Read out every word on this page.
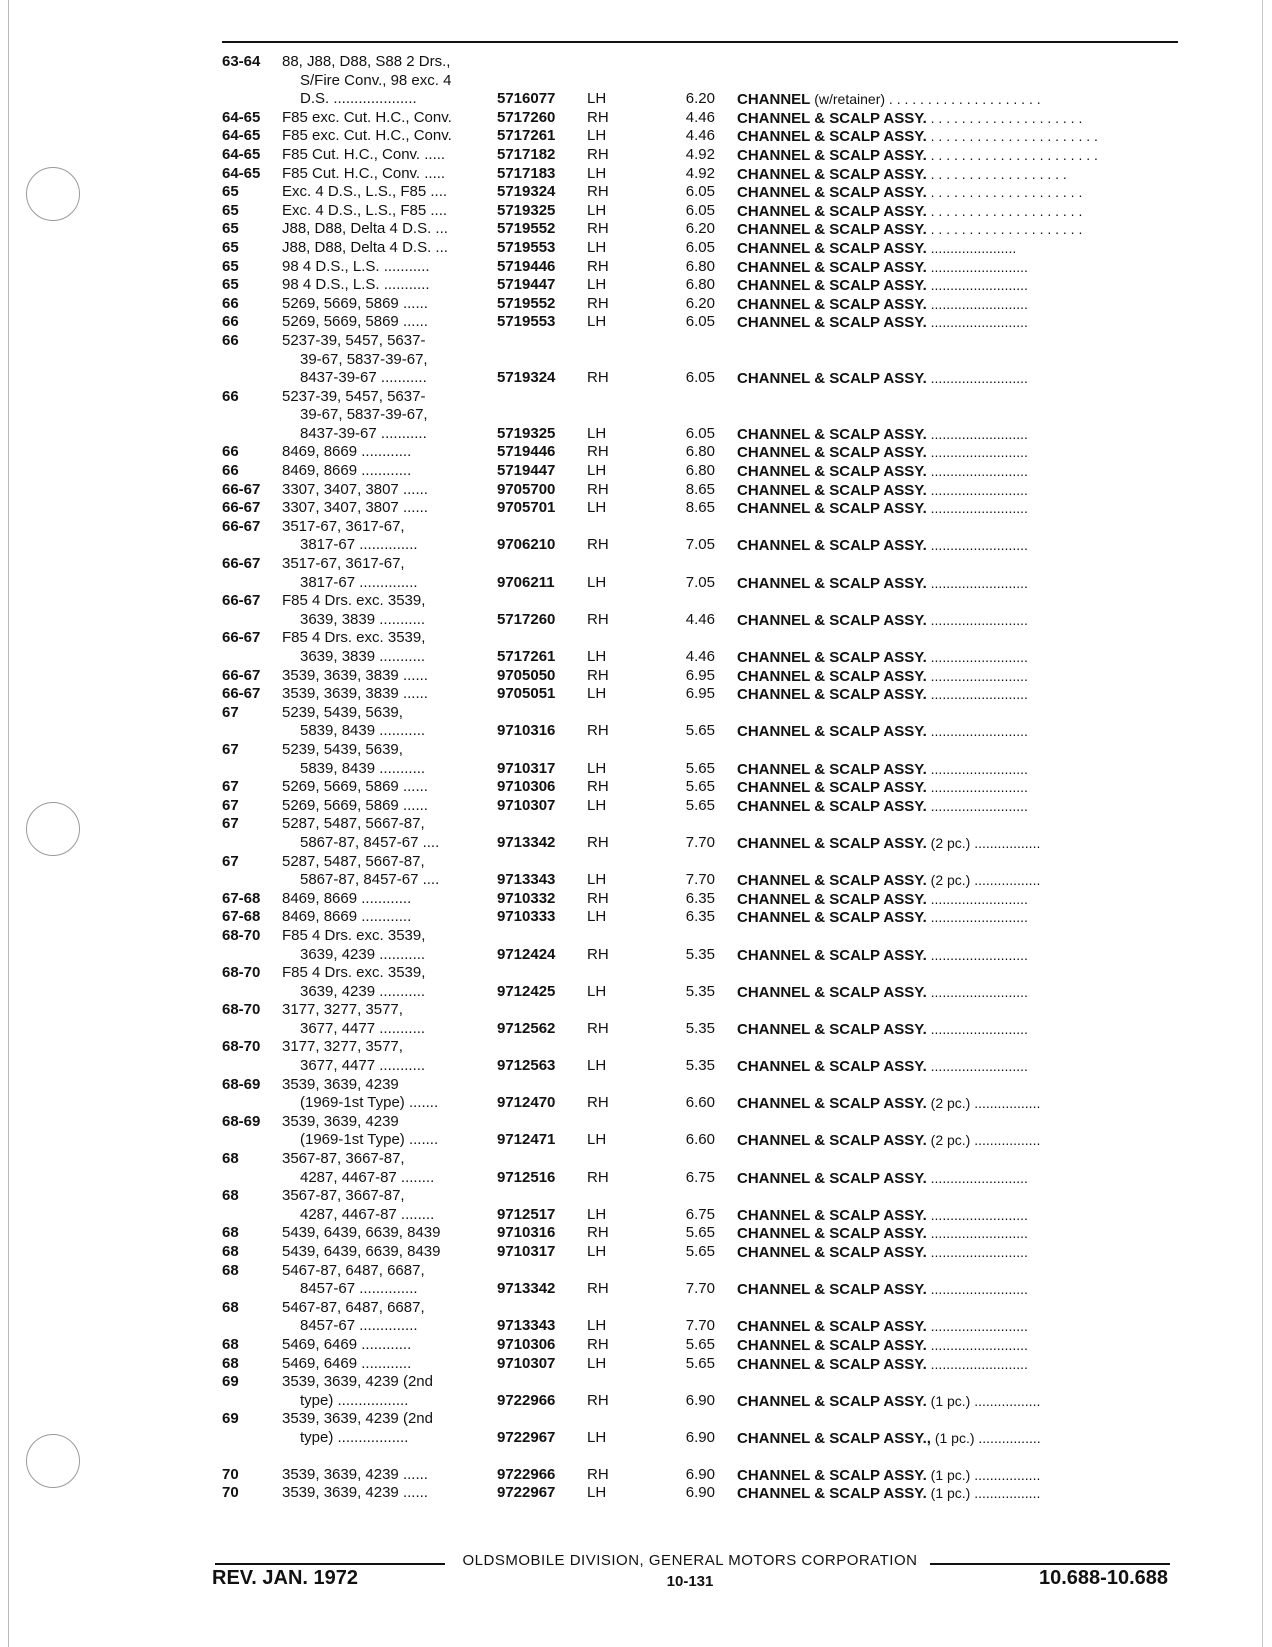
63-64 88, J88, D88, S88 2 Drs.,
S/Fire Conv., 98 exc. 4
D.S. ....................	5716077 LH	6.20 CHANNEL (w/retainer) . . . . . . . . . . . . . . . . . . . .
64-65 F85 exc. Cut. H.C., Conv.	5717260 RH	4.46 CHANNEL & SCALP ASSY. . . . . . . . . . . . . . . . . . . . .
64-65 F85 exc. Cut. H.C., Conv.	5717261 LH	4.46 CHANNEL & SCALP ASSY. . . . . . . . . . . . . . . . . . . . . . .
64-65 F85 Cut. H.C., Conv. .....	5717182 RH	4.92 CHANNEL & SCALP ASSY. . . . . . . . . . . . . . . . . . . . . . .
64-65 F85 Cut. H.C., Conv. .....	5717183 LH	4.92 CHANNEL & SCALP ASSY. . . . . . . . . . . . . . . . . . .
65	Exc. 4 D.S., L.S., F85 ....	5719324 RH	6.05 CHANNEL & SCALP ASSY. . . . . . . . . . . . . . . . . . . . .
65	Exc. 4 D.S., L.S., F85 ....	5719325 LH	6.05 CHANNEL & SCALP ASSY. . . . . . . . . . . . . . . . . . . . .
65	J88, D88, Delta 4 D.S. ...	5719552 RH	6.20 CHANNEL & SCALP ASSY. . . . . . . . . . . . . . . . . . . . .
65	J88, D88, Delta 4 D.S. ...	5719553 LH	6.05 CHANNEL & SCALP ASSY. ......................
65	98 4 D.S., L.S. ...........	5719446 RH	6.80 CHANNEL & SCALP ASSY. .........................
65	98 4 D.S., L.S. ...........	5719447 LH	6.80 CHANNEL & SCALP ASSY. .........................
66	5269, 5669, 5869 ......	5719552 RH	6.20 CHANNEL & SCALP ASSY. .........................
66	5269, 5669, 5869 ......	5719553 LH	6.05 CHANNEL & SCALP ASSY. .........................
66	5237-39, 5457, 5637-
39-67, 5837-39-67,
8437-39-67 ...........	5719324 RH	6.05 CHANNEL & SCALP ASSY. .........................
66	5237-39, 5457, 5637-
39-67, 5837-39-67,
8437-39-67 ...........	5719325 LH	6.05 CHANNEL & SCALP ASSY. .........................
66	8469, 8669 ............	5719446 RH	6.80 CHANNEL & SCALP ASSY. .........................
66	8469, 8669 ............	5719447 LH	6.80 CHANNEL & SCALP ASSY. .........................
66-67 3307, 3407, 3807 ......	9705700 RH	8.65 CHANNEL & SCALP ASSY. .........................
66-67 3307, 3407, 3807 ......	9705701 LH	8.65 CHANNEL & SCALP ASSY. .........................
66-67 3517-67, 3617-67,
3817-67 ..............	9706210 RH	7.05 CHANNEL & SCALP ASSY. .........................
66-67 3517-67, 3617-67,
3817-67 ..............	9706211 LH	7.05 CHANNEL & SCALP ASSY. .........................
66-67 F85 4 Drs. exc. 3539,
3639, 3839 ...........	5717260 RH	4.46 CHANNEL & SCALP ASSY. .........................
66-67 F85 4 Drs. exc. 3539,
3639, 3839 ...........	5717261 LH	4.46 CHANNEL & SCALP ASSY. .........................
66-67 3539, 3639, 3839 ......	9705050 RH	6.95 CHANNEL & SCALP ASSY. .........................
66-67 3539, 3639, 3839 ......	9705051 LH	6.95 CHANNEL & SCALP ASSY. .........................
67	5239, 5439, 5639,
5839, 8439 ...........	9710316 RH	5.65 CHANNEL & SCALP ASSY. .........................
67	5239, 5439, 5639,
5839, 8439 ...........	9710317 LH	5.65 CHANNEL & SCALP ASSY. .........................
67	5269, 5669, 5869 ......	9710306 RH	5.65 CHANNEL & SCALP ASSY. .........................
67	5269, 5669, 5869 ......	9710307 LH	5.65 CHANNEL & SCALP ASSY. .........................
67	5287, 5487, 5667-87,
5867-87, 8457-67 ....	9713342 RH	7.70 CHANNEL & SCALP ASSY. (2 pc.) .................
67	5287, 5487, 5667-87,
5867-87, 8457-67 ....	9713343 LH	7.70 CHANNEL & SCALP ASSY. (2 pc.) .................
67-68 8469, 8669 ............	9710332 RH	6.35 CHANNEL & SCALP ASSY. .........................
67-68 8469, 8669 ............	9710333 LH	6.35 CHANNEL & SCALP ASSY. .........................
68-70 F85 4 Drs. exc. 3539,
3639, 4239 ...........	9712424 RH	5.35 CHANNEL & SCALP ASSY. .........................
68-70 F85 4 Drs. exc. 3539,
3639, 4239 ...........	9712425 LH	5.35 CHANNEL & SCALP ASSY. .........................
68-70 3177, 3277, 3577,
3677, 4477 ...........	9712562 RH	5.35 CHANNEL & SCALP ASSY. .........................
68-70 3177, 3277, 3577,
3677, 4477 ...........	9712563 LH	5.35 CHANNEL & SCALP ASSY. .........................
68-69 3539, 3639, 4239
(1969-1st Type) .......	9712470 RH	6.60 CHANNEL & SCALP ASSY. (2 pc.) .................
68-69 3539, 3639, 4239
(1969-1st Type) .......	9712471 LH	6.60 CHANNEL & SCALP ASSY. (2 pc.) .................
68	3567-87, 3667-87,
4287, 4467-87 ........	9712516 RH	6.75 CHANNEL & SCALP ASSY. .........................
68	3567-87, 3667-87,
4287, 4467-87 ........	9712517 LH	6.75 CHANNEL & SCALP ASSY. .........................
68	5439, 6439, 6639, 8439	9710316 RH	5.65 CHANNEL & SCALP ASSY. .........................
68	5439, 6439, 6639, 8439	9710317 LH	5.65 CHANNEL & SCALP ASSY. .........................
68	5467-87, 6487, 6687,
8457-67 ..............	9713342 RH	7.70 CHANNEL & SCALP ASSY. .........................
68	5467-87, 6487, 6687,
8457-67 ..............	9713343 LH	7.70 CHANNEL & SCALP ASSY. .........................
68	5469, 6469 ............	9710306 RH	5.65 CHANNEL & SCALP ASSY. .........................
68	5469, 6469 ............	9710307 LH	5.65 CHANNEL & SCALP ASSY. .........................
69	3539, 3639, 4239 (2nd
type) .................	9722966 RH	6.90 CHANNEL & SCALP ASSY. (1 pc.) .................
69	3539, 3639, 4239 (2nd
type) .................	9722967 LH	6.90 CHANNEL & SCALP ASSY., (1 pc.) ................
70	3539, 3639, 4239 ......	9722966 RH	6.90 CHANNEL & SCALP ASSY. (1 pc.) .................
70	3539, 3639, 4239 ......	9722967 LH	6.90 CHANNEL & SCALP ASSY. (1 pc.) .................
OLDSMOBILE DIVISION, GENERAL MOTORS CORPORATION
REV. JAN. 1972	10-131	10.688-10.688
